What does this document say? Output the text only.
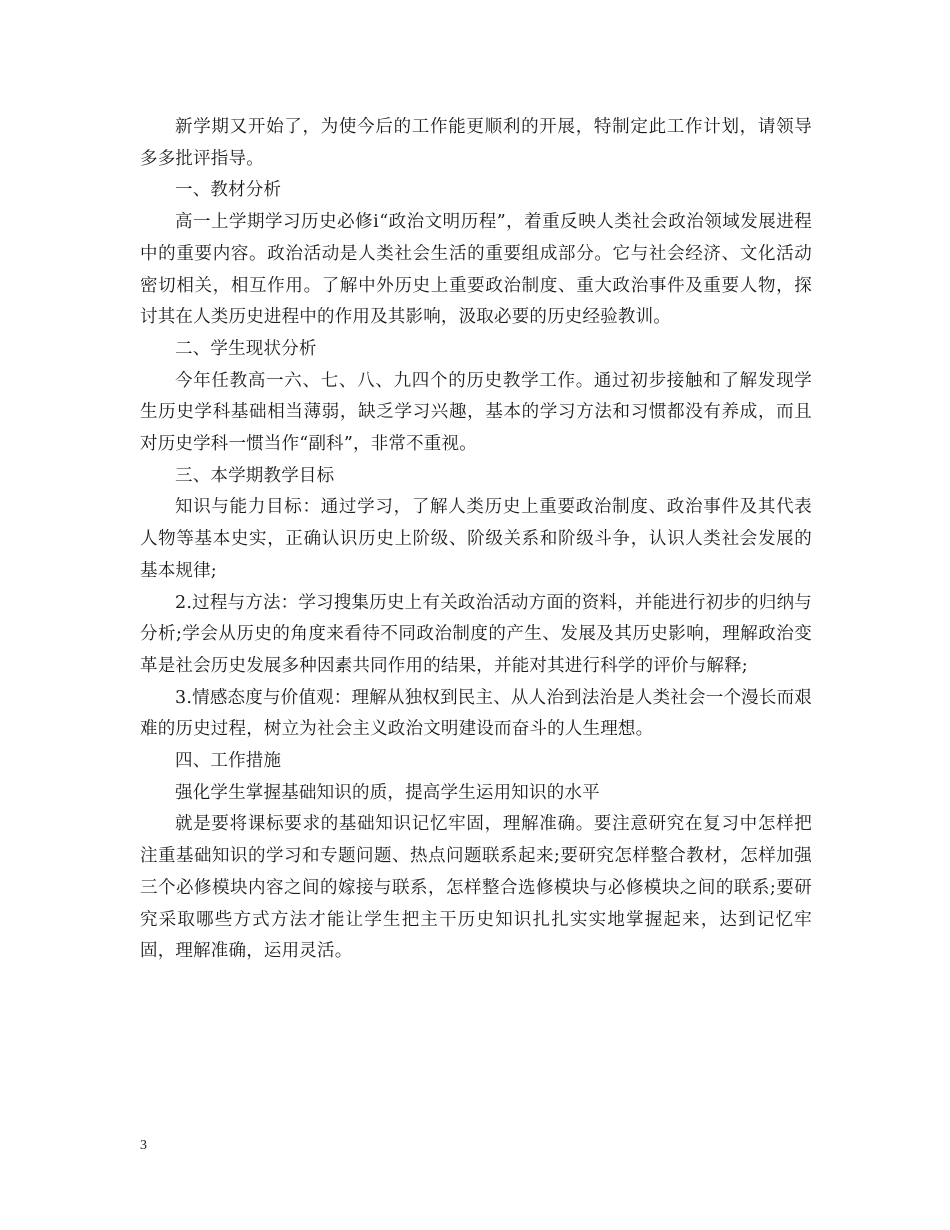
新学期又开始了，为使今后的工作能更顺利的开展，特制定此工作计划，请领导多多批评指导。

一、教材分析

高一上学期学习历史必修ⅰ“政治文明历程”，着重反映人类社会政治领域发展进程中的重要内容。政治活动是人类社会生活的重要组成部分。它与社会经济、文化活动密切相关，相互作用。了解中外历史上重要政治制度、重大政治事件及重要人物，探讨其在人类历史进程中的作用及其影响，汲取必要的历史经验教训。

二、学生现状分析

今年任教高一六、七、八、九四个的历史教学工作。通过初步接触和了解发现学生历史学科基础相当薄弱，缺乏学习兴趣，基本的学习方法和习惯都没有养成，而且对历史学科一惯当作“副科”，非常不重视。

三、本学期教学目标

知识与能力目标：通过学习，了解人类历史上重要政治制度、政治事件及其代表人物等基本史实，正确认识历史上阶级、阶级关系和阶级斗争，认识人类社会发展的基本规律;

2.过程与方法：学习搜集历史上有关政治活动方面的资料，并能进行初步的归纳与分析;学会从历史的角度来看待不同政治制度的产生、发展及其历史影响，理解政治变革是社会历史发展多种因素共同作用的结果，并能对其进行科学的评价与解释;

3.情感态度与价值观：理解从独权到民主、从人治到法治是人类社会一个漫长而艰难的历史过程，树立为社会主义政治文明建设而奋斗的人生理想。

四、工作措施

强化学生掌握基础知识的质，提高学生运用知识的水平

就是要将课标要求的基础知识记忆牢固，理解准确。要注意研究在复习中怎样把注重基础知识的学习和专题问题、热点问题联系起来;要研究怎样整合教材，怎样加强三个必修模块内容之间的嫁接与联系，怎样整合选修模块与必修模块之间的联系;要研究采取哪些方式方法才能让学生把主干历史知识扎扎实实地掌握起来，达到记忆牢固，理解准确，运用灵活。

3
